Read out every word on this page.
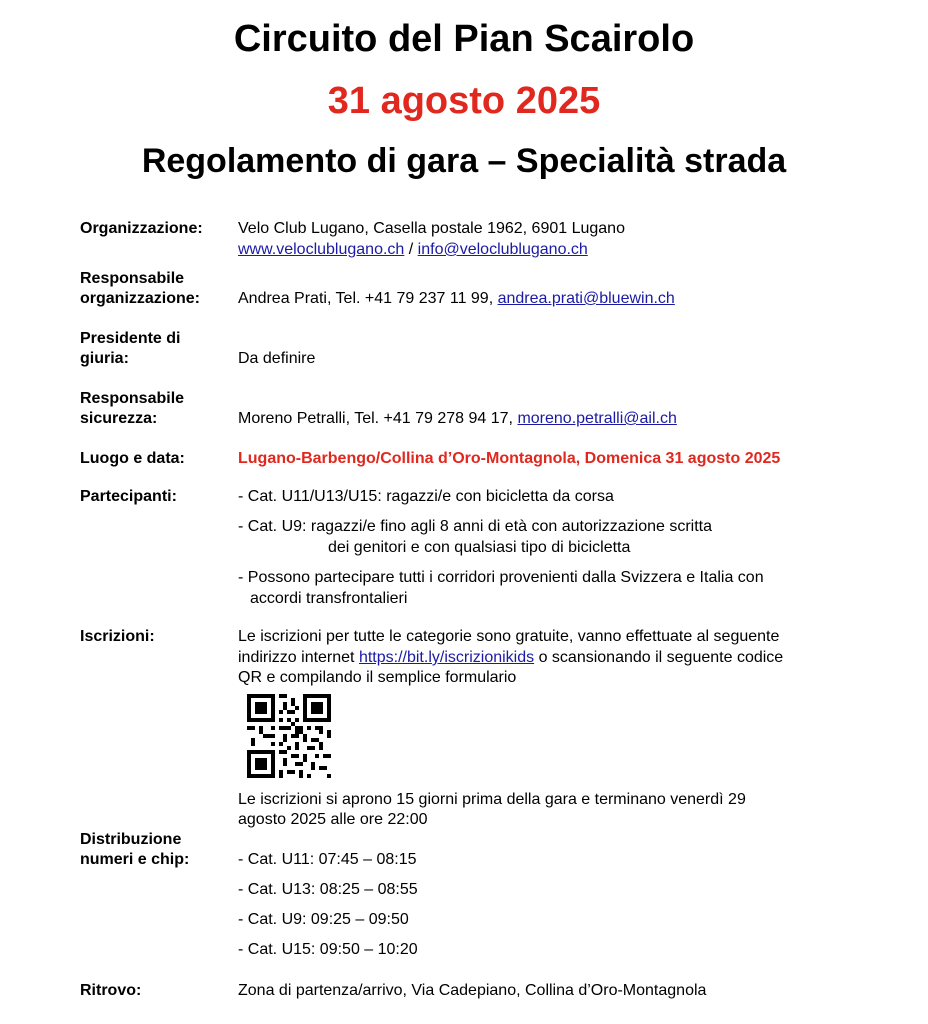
Circuito del Pian Scairolo
31 agosto 2025
Regolamento di gara – Specialità strada
Organizzazione: Velo Club Lugano, Casella postale 1962, 6901 Lugano
www.veloclublugano.ch / info@veloclublugano.ch
Responsabile
organizzazione: Andrea Prati, Tel. +41 79 237 11 99, andrea.prati@bluewin.ch
Presidente di
giuria:	Da definire
Responsabile
sicurezza:	Moreno Petralli, Tel. +41 79 278 94 17, moreno.petralli@ail.ch
Luogo e data:	Lugano-Barbengo/Collina d’Oro-Montagnola, Domenica 31 agosto 2025
Partecipanti:	- Cat. U11/U13/U15: ragazzi/e con bicicletta da corsa
- Cat. U9: ragazzi/e fino agli 8 anni di età con autorizzazione scritta
dei genitori e con qualsiasi tipo di bicicletta
- Possono partecipare tutti i corridori provenienti dalla Svizzera e Italia con
accordi transfrontalieri
Iscrizioni:	Le iscrizioni per tutte le categorie sono gratuite, vanno effettuate al seguente
indirizzo internet https://bit.ly/iscrizionikids o scansionando il seguente codice
QR e compilando il semplice formulario
Le iscrizioni si aprono 15 giorni prima della gara e terminano venerdì 29
agosto 2025 alle ore 22:00
Distribuzione
numeri e chip:	- Cat. U11: 07:45 – 08:15
- Cat. U13: 08:25 – 08:55
- Cat. U9: 09:25 – 09:50
- Cat. U15: 09:50 – 10:20
Ritrovo:	Zona di partenza/arrivo, Via Cadepiano, Collina d’Oro-Montagnola
